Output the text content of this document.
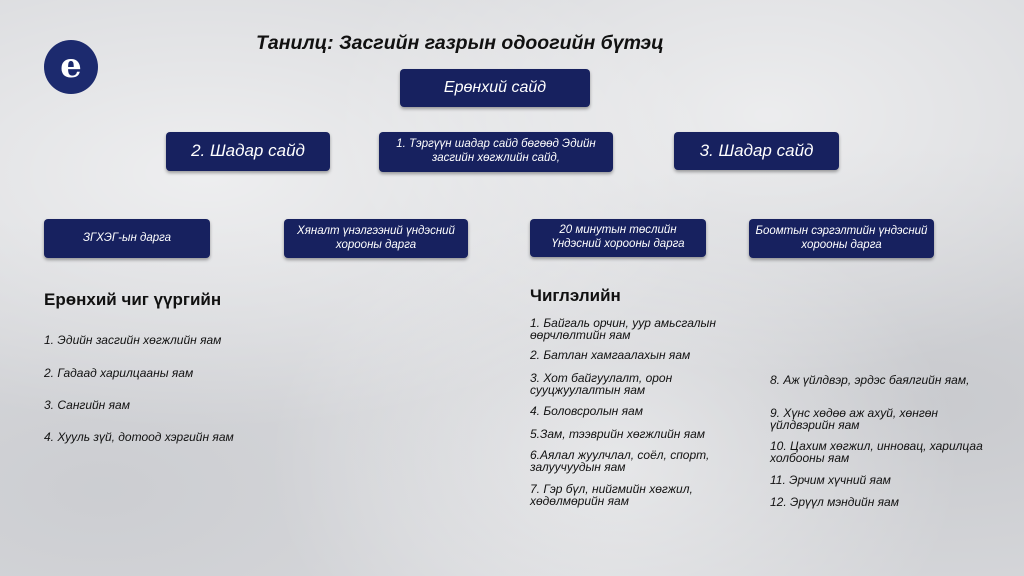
e
Танилц: Засгийн газрын одоогийн бүтэц
Ерөнхий сайд
2. Шадар сайд	1. Тэргүүн шадар сайд бөгөөд Эдийн засгийн хөгжлийн сайд,	3. Шадар сайд
ЗГХЭГ-ын дарга
Хяналт үнэлгээний үндэсний хорооны дарга
20 минутын төслийн Үндэсний хорооны дарга
Боомтын сэргэлтийн үндэсний хорооны дарга
Ерөнхий чиг үүргийн	Чиглэлийн
1. Эдийн засгийн хөгжлийн яам
2. Гадаад харилцааны яам
3. Сангийн яам
4. Хууль зүй, дотоод хэргийн яам
1. Байгаль орчин, уур амьсгалын өөрчлөлтийн яам
2. Батлан хамгаалахын яам
3. Хот байгуулалт, орон сууцжуулалтын яам
4. Боловсролын яам
5.Зам, тээврийн хөгжлийн яам
6.Аялал жуулчлал, соёл, спорт, залуучуудын яам
7. Гэр бүл, нийгмийн хөгжил, хөдөлмөрийн яам
8. Аж үйлдвэр, эрдэс баялгийн яам,
9. Хүнс хөдөө аж ахуй, хөнгөн үйлдвэрийн яам
10. Цахим хөгжил, инновац, харилцаа холбооны яам
11. Эрчим хүчний яам
12. Эрүүл мэндийн яам
